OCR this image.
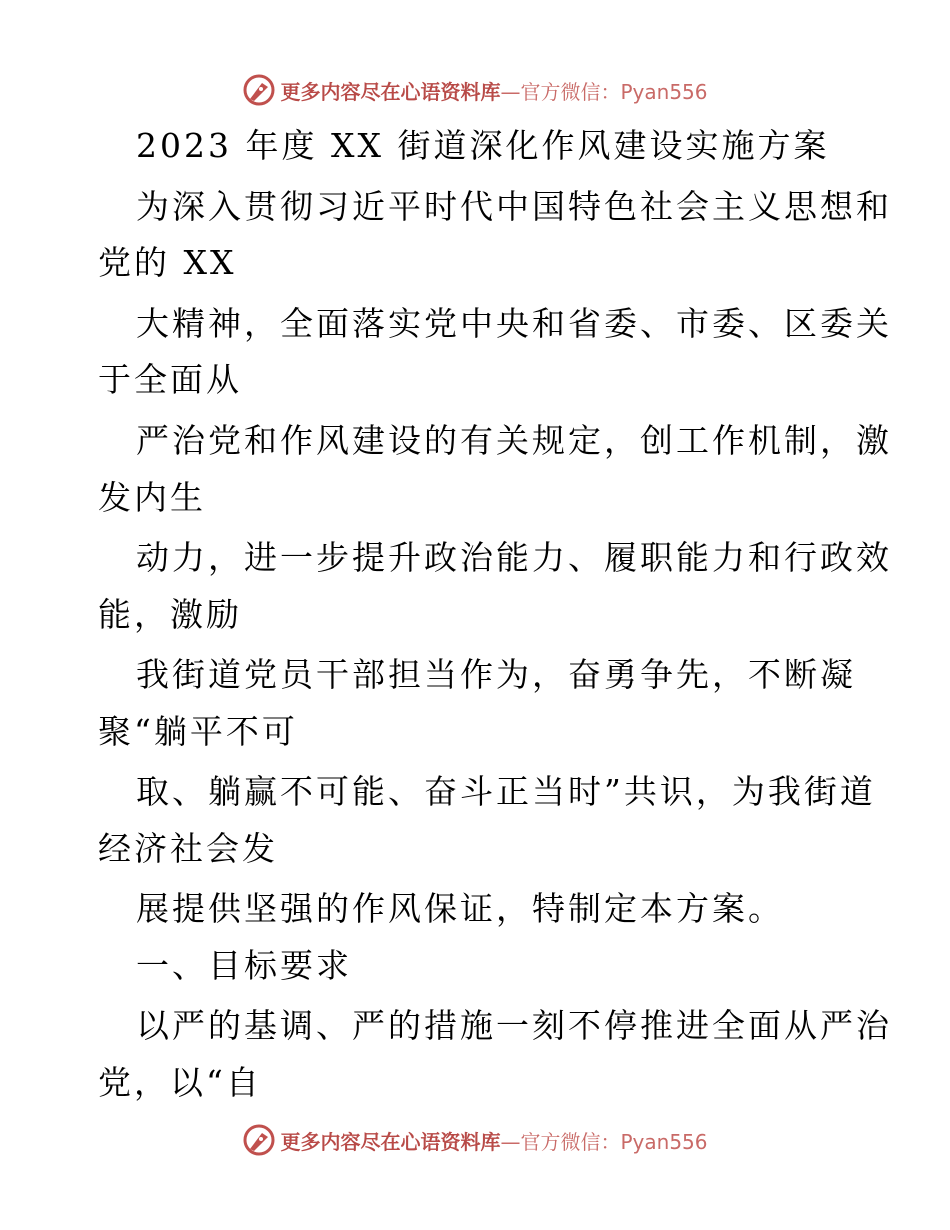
更多内容尽在心语资料库—官方微信：Pyan556
2023 年度 XX 街道深化作风建设实施方案
为深入贯彻习近平时代中国特色社会主义思想和
党的 XX
大精神，全面落实党中央和省委、市委、区委关
于全面从
严治党和作风建设的有关规定，创工作机制，激
发内生
动力，进一步提升政治能力、履职能力和行政效
能，激励
我街道党员干部担当作为，奋勇争先，不断凝
聚“躺平不可
取、躺赢不可能、奋斗正当时”共识，为我街道
经济社会发
展提供坚强的作风保证，特制定本方案。
一、目标要求
以严的基调、严的措施一刻不停推进全面从严治
党，以“自
更多内容尽在心语资料库—官方微信：Pyan556
